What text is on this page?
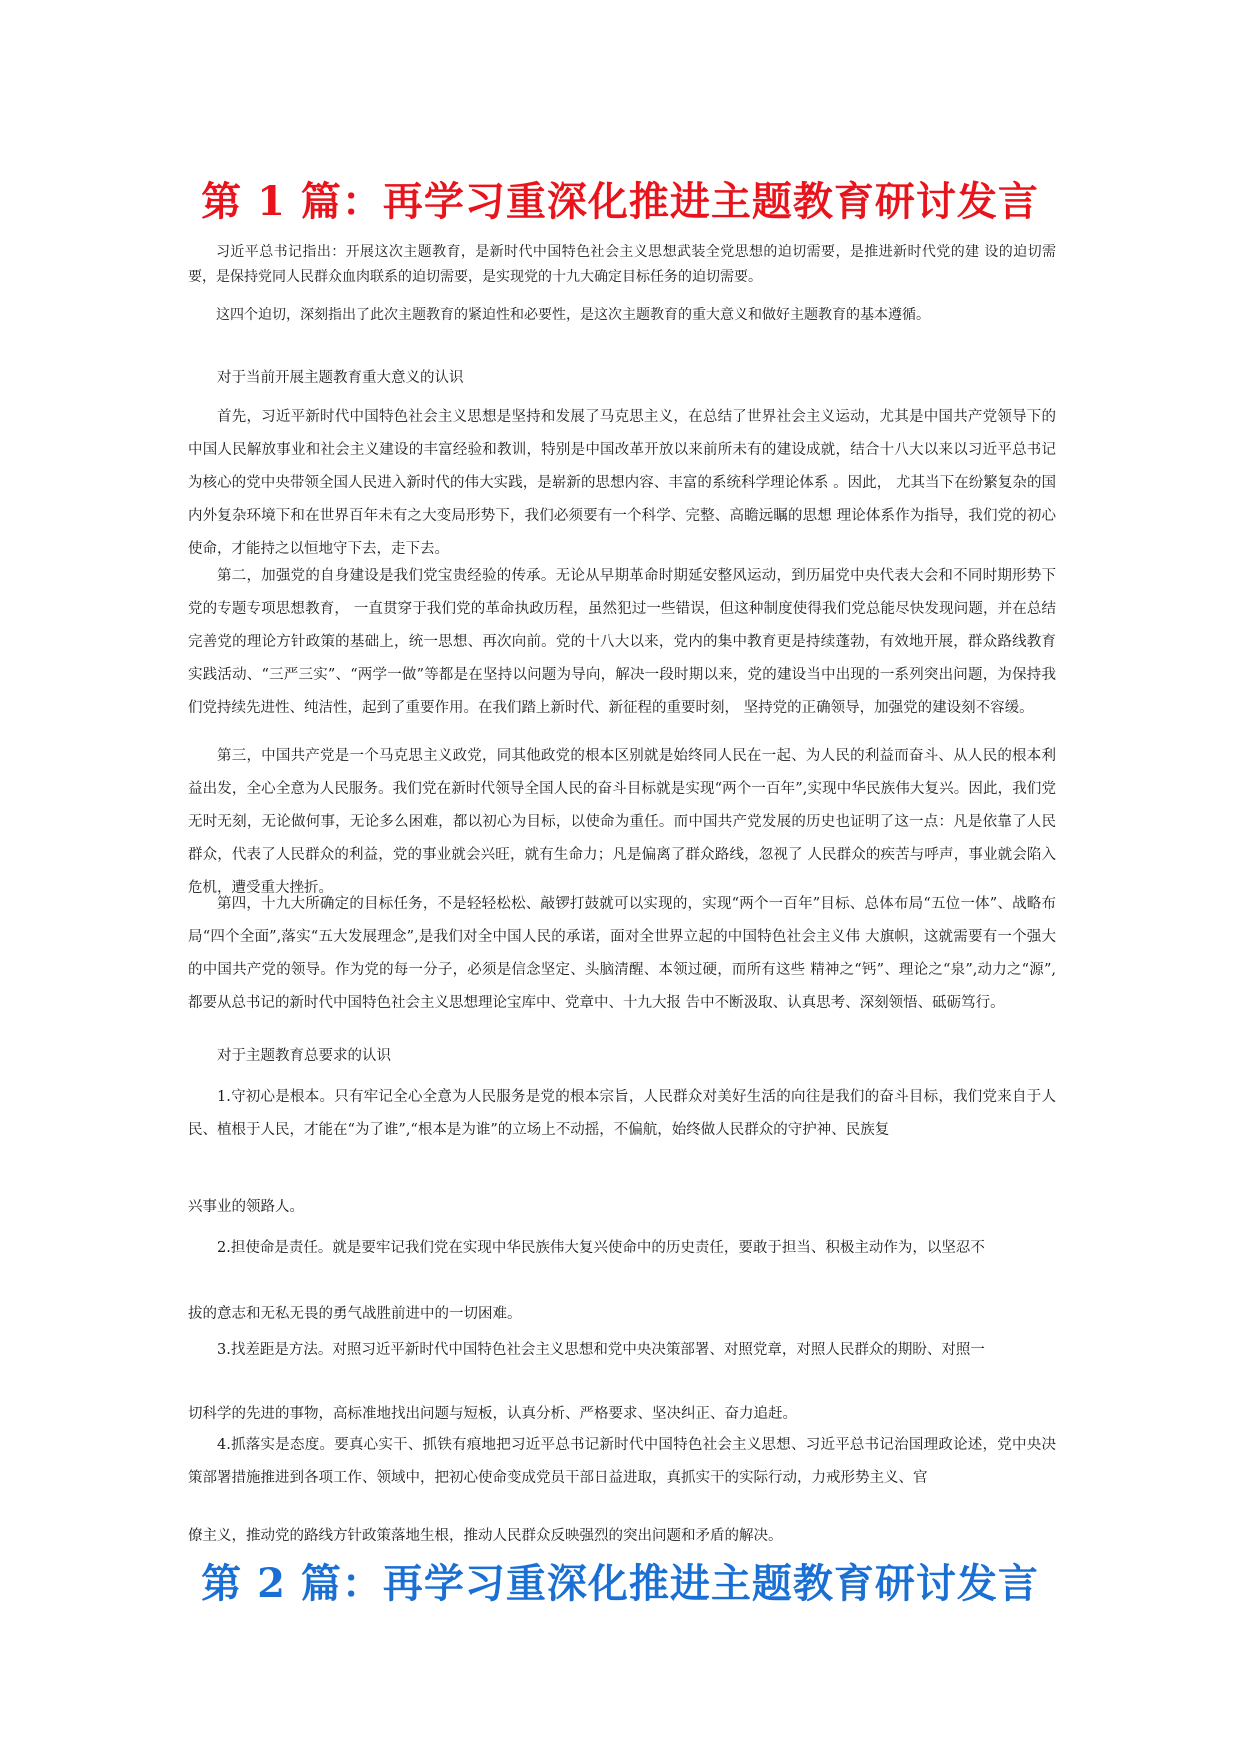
第 1 篇：再学习重深化推进主题教育研讨发言

习近平总书记指出：开展这次主题教育，是新时代中国特色社会主义思想武装全党思想的迫切需要，是推进新时代党的建 设的迫切需要，是保持党同人民群众血肉联系的迫切需要，是实现党的十九大确定目标任务的迫切需要。

这四个迫切，深刻指出了此次主题教育的紧迫性和必要性，是这次主题教育的重大意义和做好主题教育的基本遵循。

对于当前开展主题教育重大意义的认识

首先，习近平新时代中国特色社会主义思想是坚持和发展了马克思主义，在总结了世界社会主义运动，尤其是中国共产党领导下的中国人民解放事业和社会主义建设的丰富经验和教训，特别是中国改革开放以来前所未有的建设成就，结合十八大以来以习近平总书记为核心的党中央带领全国人民进入新时代的伟大实践，是崭新的思想内容、丰富的系统科学理论体系 。因此， 尤其当下在纷繁复杂的国内外复杂环境下和在世界百年未有之大变局形势下，我们必须要有一个科学、完整、高瞻远瞩的思想 理论体系作为指导，我们党的初心使命，才能持之以恒地守下去，走下去。

第二，加强党的自身建设是我们党宝贵经验的传承。无论从早期革命时期延安整风运动，到历届党中央代表大会和不同时期形势下党的专题专项思想教育， 一直贯穿于我们党的革命执政历程，虽然犯过一些错误，但这种制度使得我们党总能尽快发现问题，并在总结完善党的理论方针政策的基础上，统一思想、再次向前。党的十八大以来，党内的集中教育更是持续蓬勃，有效地开展，群众路线教育实践活动、“三严三实”、“两学一做”等都是在坚持以问题为导向，解决一段时期以来，党的建设当中出现的一系列突出问题，为保持我们党持续先进性、纯洁性，起到了重要作用。在我们踏上新时代、新征程的重要时刻， 坚持党的正确领导，加强党的建设刻不容缓。

第三，中国共产党是一个马克思主义政党，同其他政党的根本区别就是始终同人民在一起、为人民的利益而奋斗、从人民的根本利益出发，全心全意为人民服务。我们党在新时代领导全国人民的奋斗目标就是实现“两个一百年”,实现中华民族伟大复兴。因此，我们党无时无刻，无论做何事，无论多么困难，都以初心为目标，以使命为重任。而中国共产党发展的历史也证明了这一点：凡是依靠了人民群众，代表了人民群众的利益，党的事业就会兴旺，就有生命力；凡是偏离了群众路线，忽视了 人民群众的疾苦与呼声，事业就会陷入危机，遭受重大挫折。

第四，十九大所确定的目标任务，不是轻轻松松、敲锣打鼓就可以实现的，实现“两个一百年”目标、总体布局“五位一体”、战略布局“四个全面”,落实“五大发展理念”,是我们对全中国人民的承诺，面对全世界立起的中国特色社会主义伟 大旗帜，这就需要有一个强大的中国共产党的领导。作为党的每一分子，必须是信念坚定、头脑清醒、本领过硬，而所有这些 精神之“钙”、理论之“泉”,动力之“源”,都要从总书记的新时代中国特色社会主义思想理论宝库中、党章中、十九大报 告中不断汲取、认真思考、深刻领悟、砥砺笃行。

对于主题教育总要求的认识

1.守初心是根本。只有牢记全心全意为人民服务是党的根本宗旨，人民群众对美好生活的向往是我们的奋斗目标，我们党来自于人民、植根于人民，才能在“为了谁”,“根本是为谁”的立场上不动摇，不偏航，始终做人民群众的守护神、民族复

兴事业的领路人。

2.担使命是责任。就是要牢记我们党在实现中华民族伟大复兴使命中的历史责任，要敢于担当、积极主动作为，以坚忍不

拔的意志和无私无畏的勇气战胜前进中的一切困难。

3.找差距是方法。对照习近平新时代中国特色社会主义思想和党中央决策部署、对照党章，对照人民群众的期盼、对照一

切科学的先进的事物，高标准地找出问题与短板，认真分析、严格要求、坚决纠正、奋力追赶。

4.抓落实是态度。要真心实干、抓铁有痕地把习近平总书记新时代中国特色社会主义思想、习近平总书记治国理政论述，党中央决策部署措施推进到各项工作、领域中，把初心使命变成党员干部日益进取，真抓实干的实际行动，力戒形势主义、官

僚主义，推动党的路线方针政策落地生根，推动人民群众反映强烈的突出问题和矛盾的解决。

第 2 篇：再学习重深化推进主题教育研讨发言
